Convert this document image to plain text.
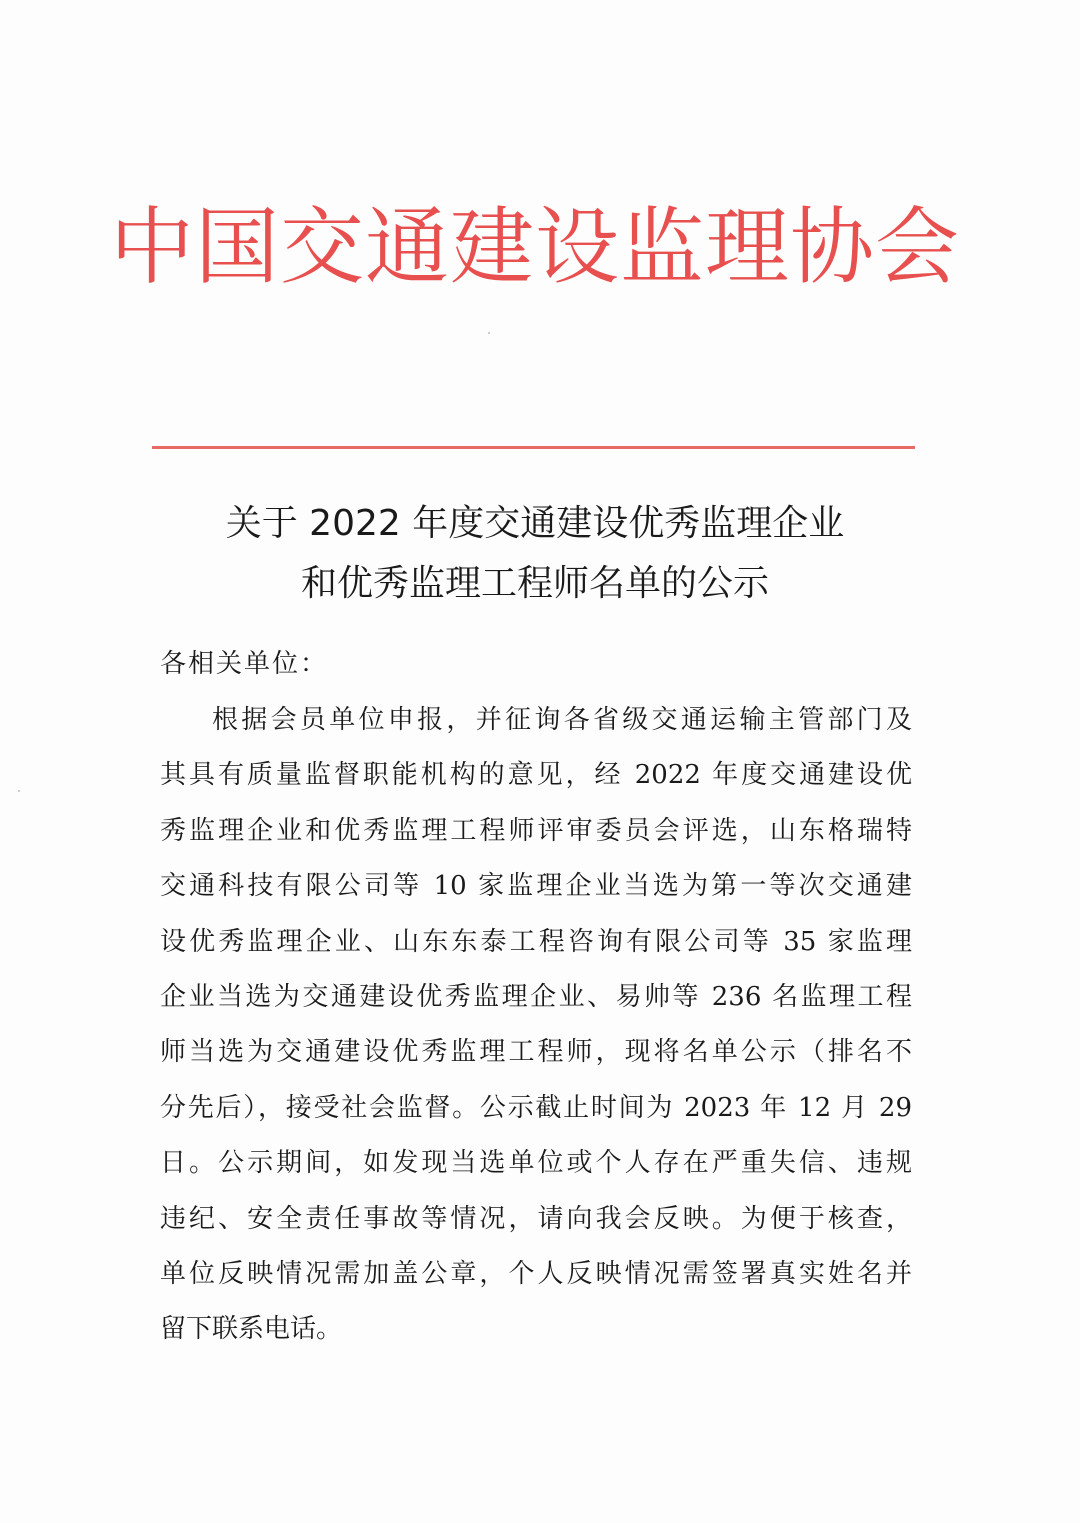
中国交通建设监理协会
关于 2022 年度交通建设优秀监理企业
和优秀监理工程师名单的公示
各相关单位：
根据会员单位申报，并征询各省级交通运输主管部门及
其具有质量监督职能机构的意见，经 2022 年度交通建设优
秀监理企业和优秀监理工程师评审委员会评选，山东格瑞特
交通科技有限公司等 10 家监理企业当选为第一等次交通建
设优秀监理企业、山东东泰工程咨询有限公司等 35 家监理
企业当选为交通建设优秀监理企业、易帅等 236 名监理工程
师当选为交通建设优秀监理工程师，现将名单公示（排名不
分先后），接受社会监督。公示截止时间为 2023 年 12 月 29
日。公示期间，如发现当选单位或个人存在严重失信、违规
违纪、安全责任事故等情况，请向我会反映。为便于核查，
单位反映情况需加盖公章，个人反映情况需签署真实姓名并
留下联系电话。
